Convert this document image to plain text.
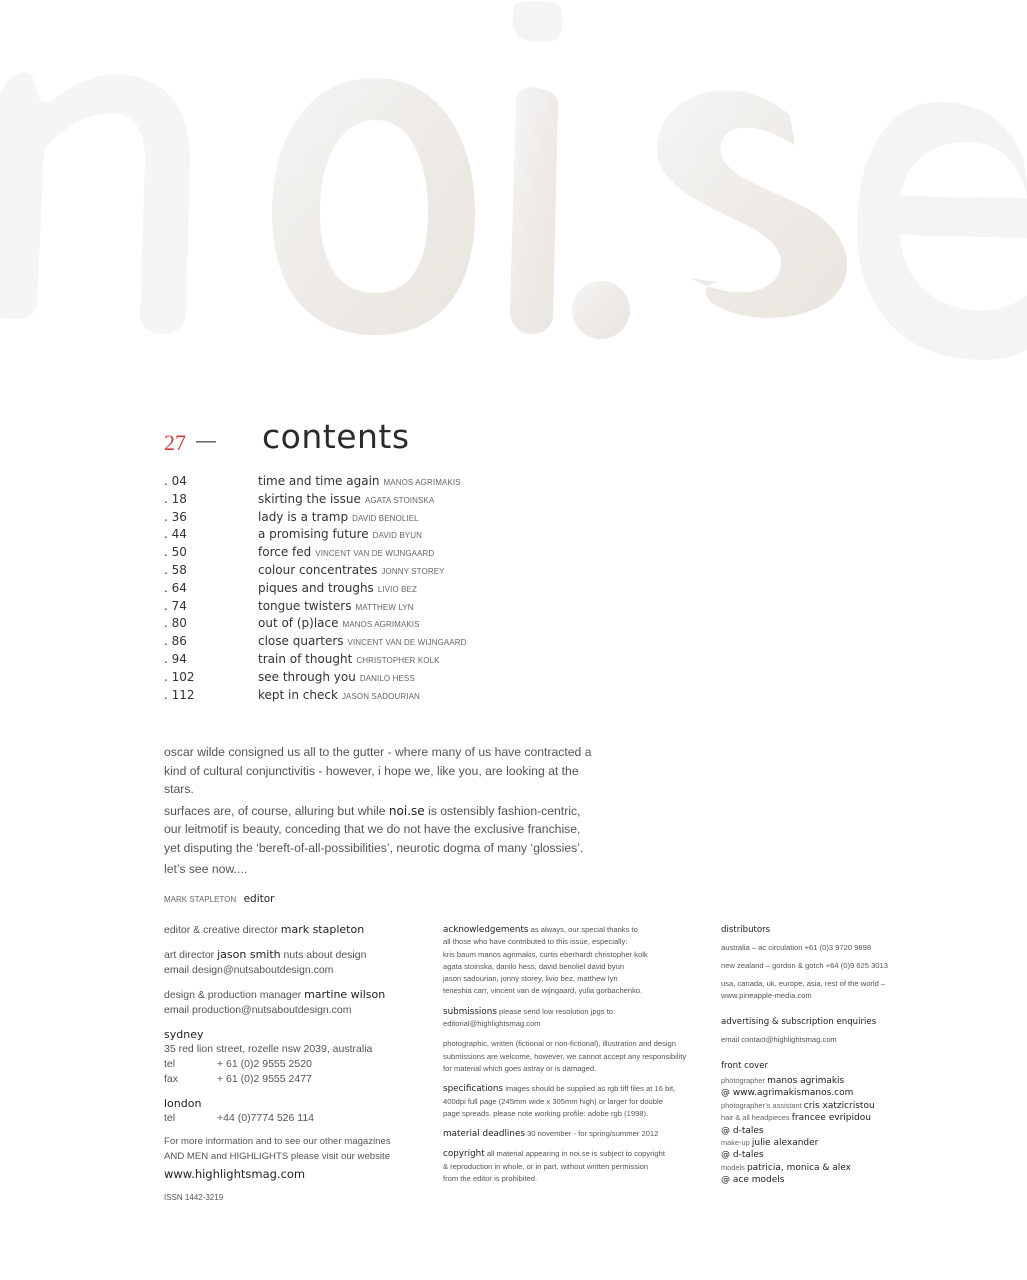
27 — contents
. 04	time and time again MANOS AGRIMAKIS
. 18	skirting the issue AGATA STOINSKA
. 36	lady is a tramp DAVID BENOLIEL
. 44	a promising future DAVID BYUN
. 50	force fed VINCENT VAN DE WIJNGAARD
. 58	colour concentrates JONNY STOREY
. 64	piques and troughs LIVIO BEZ
. 74	tongue twisters MATTHEW LYN
. 80	out of (p)lace MANOS AGRIMAKIS
. 86	close quarters VINCENT VAN DE WIJNGAARD
. 94	train of thought CHRISTOPHER KOLK
. 102	see through you DANILO HESS
. 112	kept in check JASON SADOURIAN

oscar wilde consigned us all to the gutter - where many of us have contracted a kind of cultural conjunctivitis - however, i hope we, like you, are looking at the stars.

surfaces are, of course, alluring but while noi.se is ostensibly fashion-centric,
our leitmotif is beauty, conceding that we do not have the exclusive franchise,
yet disputing the ‘bereft-of-all-possibilities’, neurotic dogma of many ‘glossies’.

let’s see now....

MARK STAPLETON editor
editor & creative director mark stapleton
art director jason smith nuts about design
email design@nutsaboutdesign.com
design & production manager martine wilson
email production@nutsaboutdesign.com
sydney
35 red lion street, rozelle nsw 2039, australia
tel	+ 61 (0)2 9555 2520
fax	+ 61 (0)2 9555 2477
london
tel	+44 (0)7774 526 114
For more information and to see our other magazines
AND MEN and HIGHLIGHTS please visit our website
www.highlightsmag.com
ISSN 1442-3219
acknowledgements as always, our special thanks to
all those who have contributed to this issue, especially:
kris baum manos agrimakis, curtis eberhardt christopher kolk
agata stoinska, danilo hess, david benoliel david byun
jason sadourian, jonny storey, livio bez, matthew lyn
teneshia carr, vincent van de wijngaard, yulia gorbachenko.
submissions please send low resolution jpgs to:
editorial@highlightsmag.com
photographic, written (fictional or non-fictional), illustration and design
submissions are welcome, however, we cannot accept any responsibility
for material which goes astray or is damaged.
specifications images should be supplied as rgb tiff files at 16 bit,
400dpi full page (245mm wide x 305mm high) or larger for double
page spreads. please note working profile: adobe rgb (1998).
material deadlines 30 november - for spring/summer 2012
copyright all material appearing in noi.se is subject to copyright
& reproduction in whole, or in part, without written permission
from the editor is prohibited.
distributors
australia – ac circulation +61 (0)3 9720 9898
new zealand – gordon & gotch +64 (0)9 625 3013
usa, canada, uk, europe, asia, rest of the world –
www.pineapple-media.com
advertising & subscription enquiries
email contact@highlightsmag.com
front cover
photographer manos agrimakis
@ www.agrimakismanos.com
photographer’s assistant cris xatzicristou
hair & all headpieces francee evripidou
@ d-tales
make-up julie alexander
@ d-tales
models patricia, monica & alex
@ ace models
